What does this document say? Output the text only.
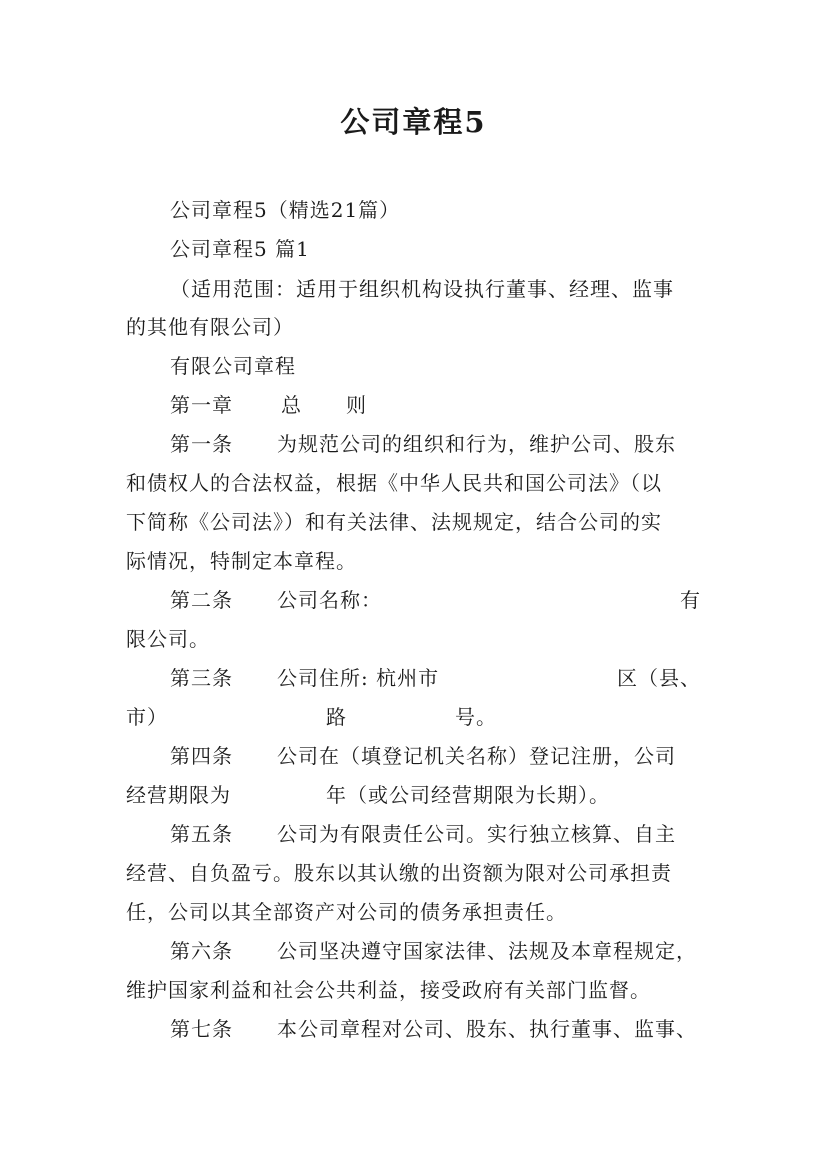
公司章程5
公司章程5（精选21篇）
公司章程5 篇1
（适用范围：适用于组织机构设执行董事、经理、监事
的其他有限公司）
有限公司章程
第一章 总 则
第一条 为规范公司的组织和行为，维护公司、股东
和债权人的合法权益，根据《中华人民共和国公司法》（以
下简称《公司法》）和有关法律、法规规定，结合公司的实
际情况，特制定本章程。
第二条 公司名称：	有
限公司。
第三条 公司住所: 杭州市	区（县、
市）	路	号。
第四条 公司在（填登记机关名称）登记注册，公司
经营期限为	年（或公司经营期限为长期）。
第五条 公司为有限责任公司。实行独立核算、自主
经营、自负盈亏。股东以其认缴的出资额为限对公司承担责
任，公司以其全部资产对公司的债务承担责任。
第六条 公司坚决遵守国家法律、法规及本章程规定，
维护国家利益和社会公共利益，接受政府有关部门监督。
第七条 本公司章程对公司、股东、执行董事、监事、
